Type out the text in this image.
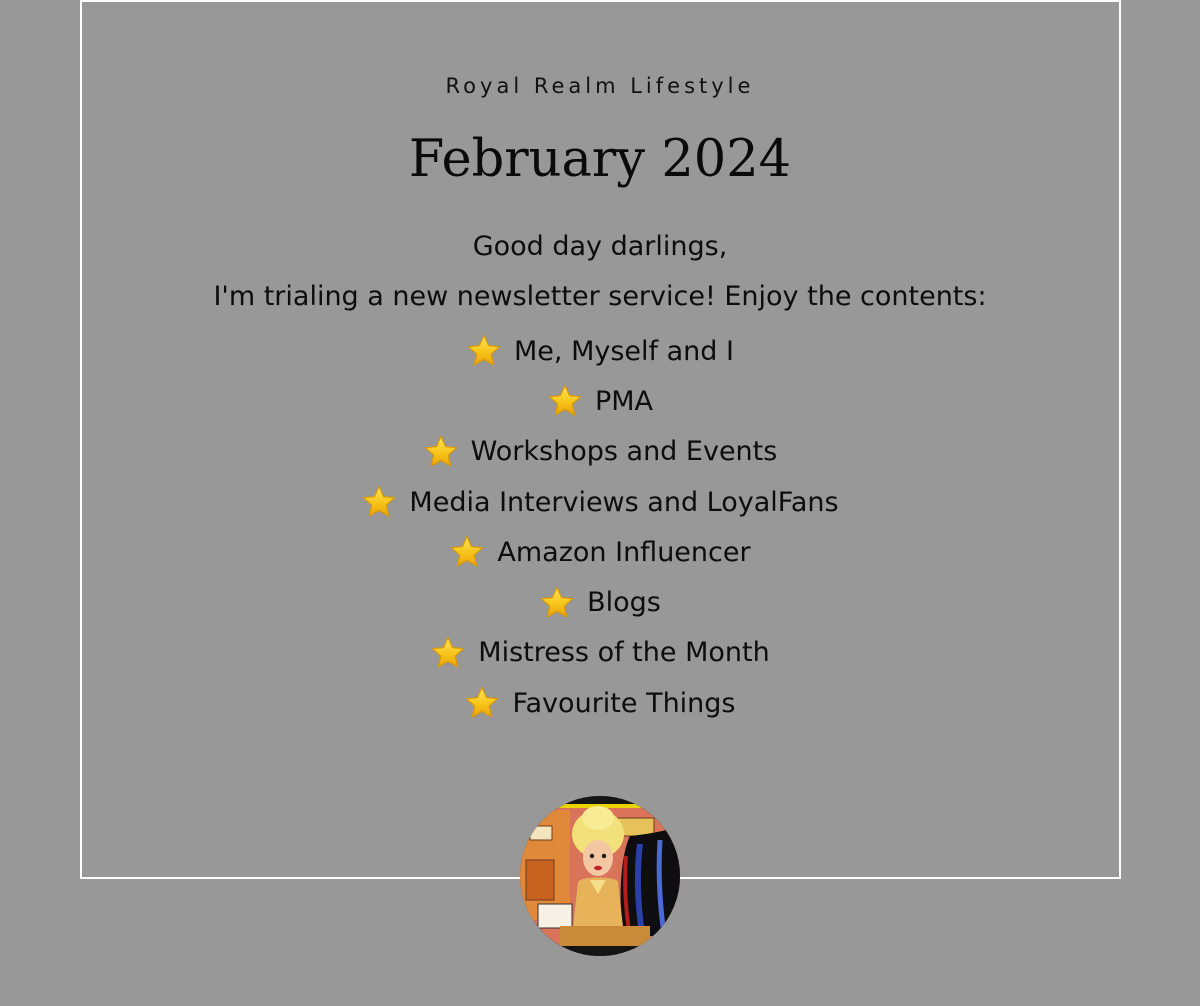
Royal Realm Lifestyle
February 2024
Good day darlings,
I'm trialing a new newsletter service! Enjoy the contents:
Me, Myself and I
PMA
Workshops and Events
Media Interviews and LoyalFans
Amazon Influencer
Blogs
Mistress of the Month
Favourite Things
